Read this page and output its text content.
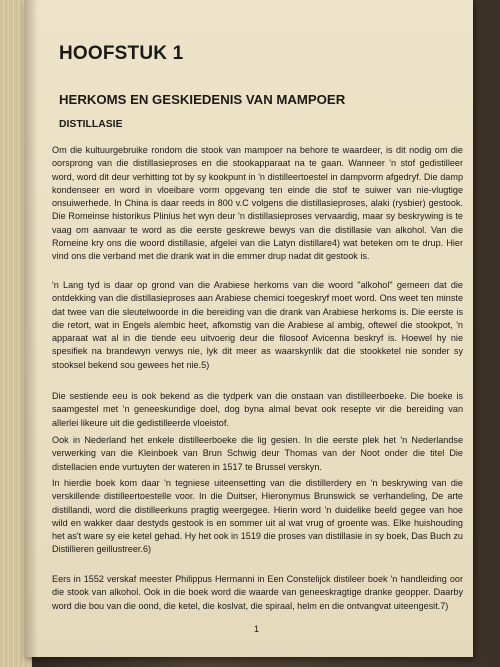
HOOFSTUK 1
HERKOMS EN GESKIEDENIS VAN MAMPOER
DISTILLASIE

Om die kultuurgebruike rondom die stook van mampoer na behore te waardeer, is dit nodig om die oorsprong van die distillasieproses en die stookapparaat na te gaan. Wanneer 'n stof gedistilleer word, word dit deur verhitting tot by sy kookpunt in 'n distilleertoestel in dampvorm afgedryf. Die damp kondenseer en word in vloeibare vorm opgevang ten einde die stof te suiwer van nie-vlugtige onsuiwerhede. In China is daar reeds in 800 v.C volgens die distillasieproses, alaki (rysbier) gestook. Die Romeinse historikus Plinius het wyn deur 'n distillasieproses vervaardig, maar sy beskrywing is te vaag om aanvaar te word as die eerste geskrewe bewys van die distillasie van alkohol. Van die Romeine kry ons die woord distillasie, afgelei van die Latyn distillare4) wat beteken om te drup. Hier vind ons die verband met die drank wat in die emmer drup nadat dit gestook is.

'n Lang tyd is daar op grond van die Arabiese herkoms van die woord "alkohol" gemeen dat die ontdekking van die distillasieproses aan Arabiese chemici toegeskryf moet word. Ons weet ten minste dat twee van die sleutelwoorde in die bereiding van die drank van Arabiese herkoms is. Die eerste is die retort, wat in Engels alembic heet, afkomstig van die Arabiese al ambig, oftewel die stookpot, 'n apparaat wat al in die tiende eeu uitvoerig deur die filosoof Avicenna beskryf is. Hoewel hy nie spesifiek na brandewyn verwys nie, lyk dit meer as waarskynlik dat die stookketel nie sonder sy stooksel bekend sou gewees het nie.5)

Die sestiende eeu is ook bekend as die tydperk van die onstaan van distilleerboeke. Die boeke is saamgestel met 'n geneeskundige doel, dog byna almal bevat ook resepte vir die bereiding van allerlei likeure uit die gedistilleerde vloeistof.

Ook in Nederland het enkele distilleerboeke die lig gesien. In die eerste plek het 'n Nederlandse verwerking van die Kleinboek van Brun Schwig deur Thomas van der Noot onder die titel Die distellacien ende vurtuyten der wateren in 1517 te Brussel verskyn.

In hierdie boek kom daar 'n tegniese uiteensetting van die distillerdery en 'n beskrywing van die verskillende distilleertoestelle voor. In die Duitser, Hieronymus Brunswick se verhandeling, De arte distillandi, word die distilleerkuns pragtig weergegee. Hierin word 'n duidelike beeld gegee van hoe wild en wakker daar destyds gestook is en sommer uit al wat vrug of groente was. Elke huishouding het as't ware sy eie ketel gehad. Hy het ook in 1519 die proses van distillasie in sy boek, Das Buch zu Distillieren geillustreer.6)

Eers in 1552 verskaf meester Philippus Hermanni in Een Constelijck distileer boek 'n handleiding oor die stook van alkohol. Ook in die boek word die waarde van geneeskragtige dranke geopper. Daarby word die bou van die oond, die ketel, die koslvat, die spiraal, helm en die ontvangvat uiteengesit.7)

1
